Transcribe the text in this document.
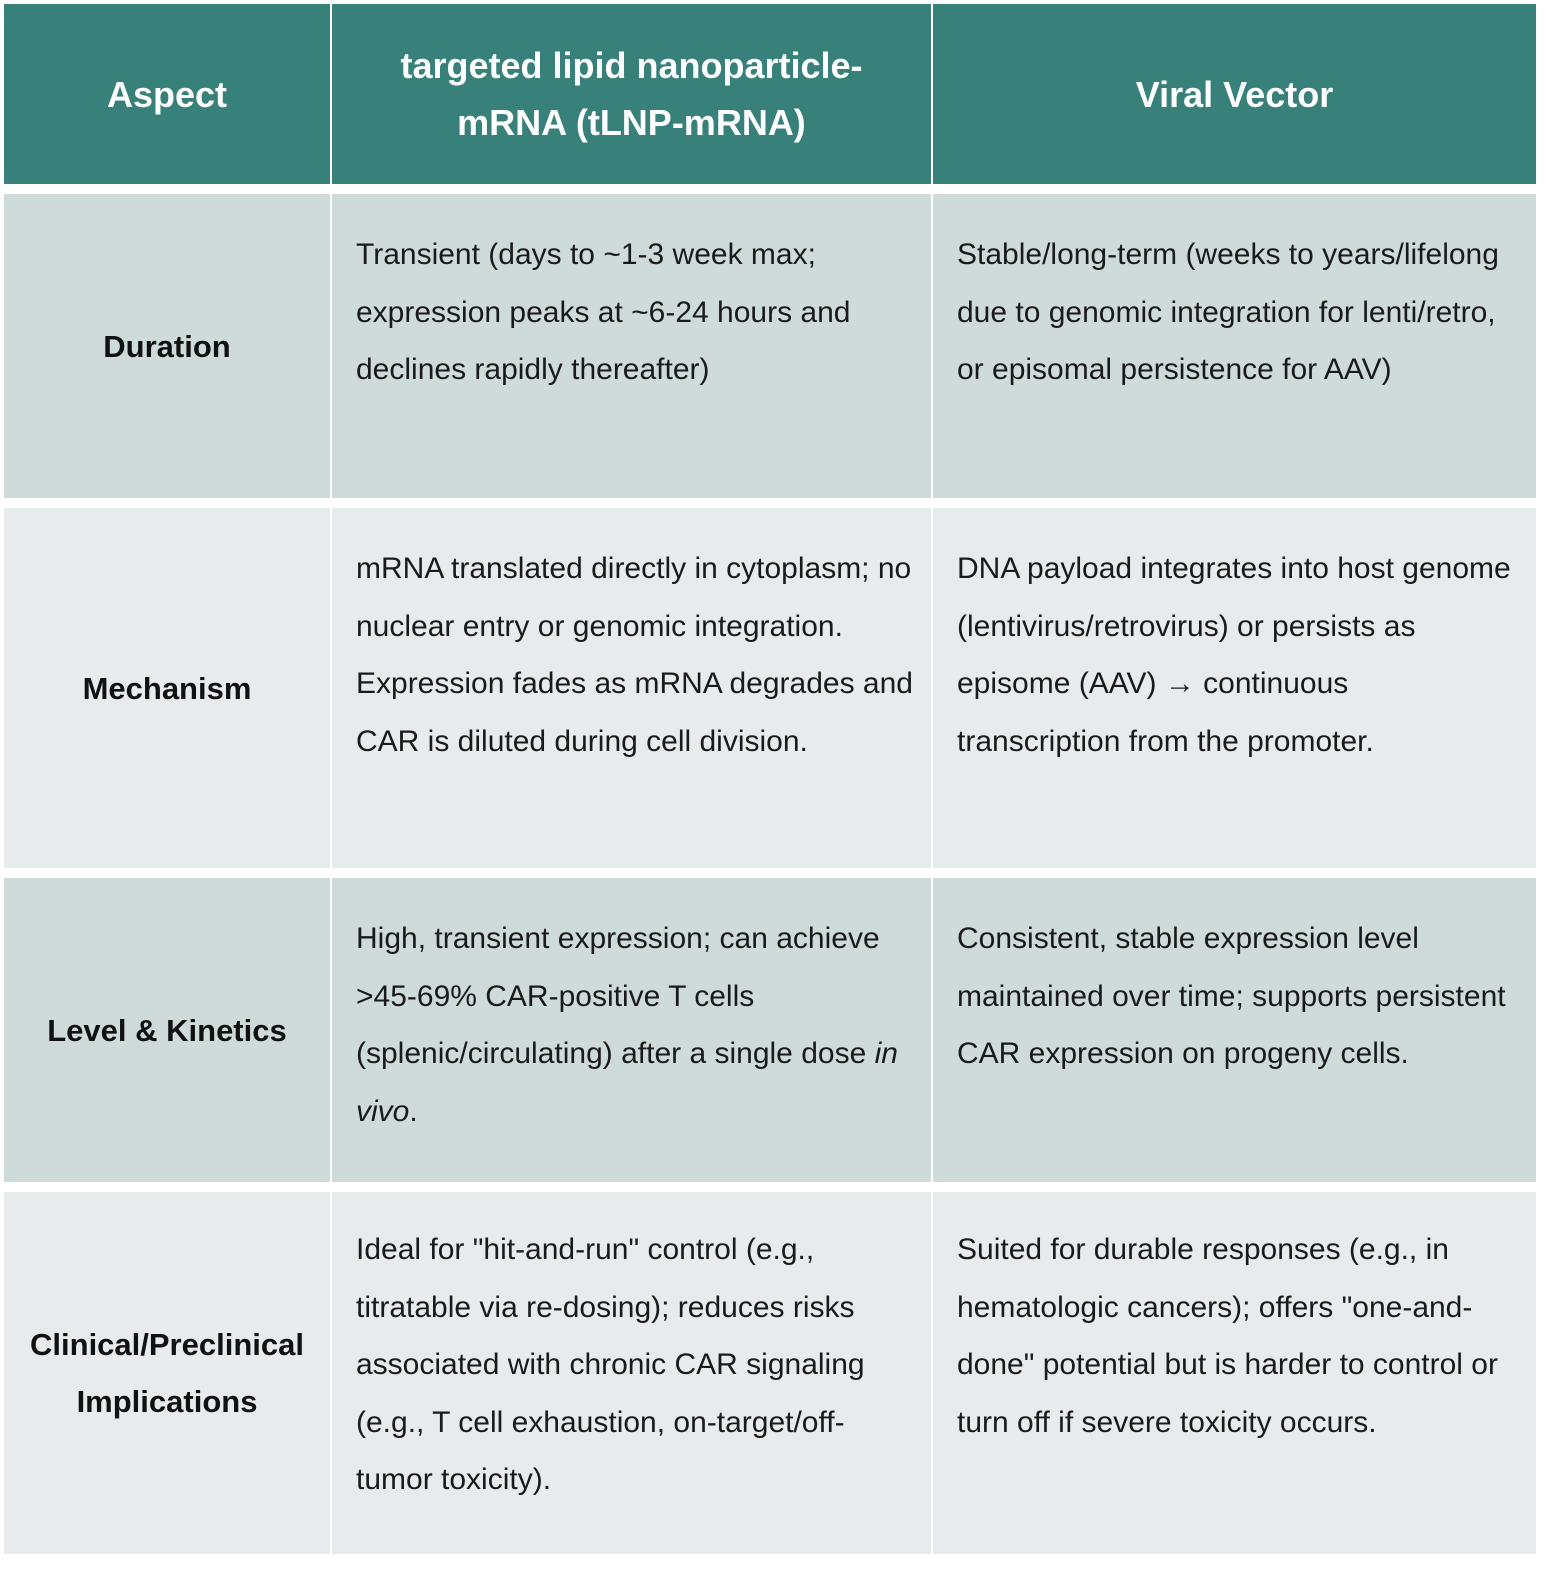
Aspect
targeted lipid nanoparticle-mRNA (tLNP-mRNA)
Viral Vector
Duration
Transient (days to ~1-3 week max; expression peaks at ~6-24 hours and declines rapidly thereafter)
Stable/long-term (weeks to years/lifelong due to genomic integration for lenti/retro, or episomal persistence for AAV)
Mechanism
mRNA translated directly in cytoplasm; no nuclear entry or genomic integration. Expression fades as mRNA degrades and CAR is diluted during cell division.
DNA payload integrates into host genome (lentivirus/retrovirus) or persists as episome (AAV) → continuous transcription from the promoter.
Level & Kinetics
High, transient expression; can achieve >45-69% CAR-positive T cells (splenic/circulating) after a single dose in vivo.
Consistent, stable expression level maintained over time; supports persistent CAR expression on progeny cells.
Clinical/Preclinical Implications
Ideal for "hit-and-run" control (e.g., titratable via re-dosing); reduces risks associated with chronic CAR signaling (e.g., T cell exhaustion, on-target/off-tumor toxicity).
Suited for durable responses (e.g., in hematologic cancers); offers "one-and-done" potential but is harder to control or turn off if severe toxicity occurs.
